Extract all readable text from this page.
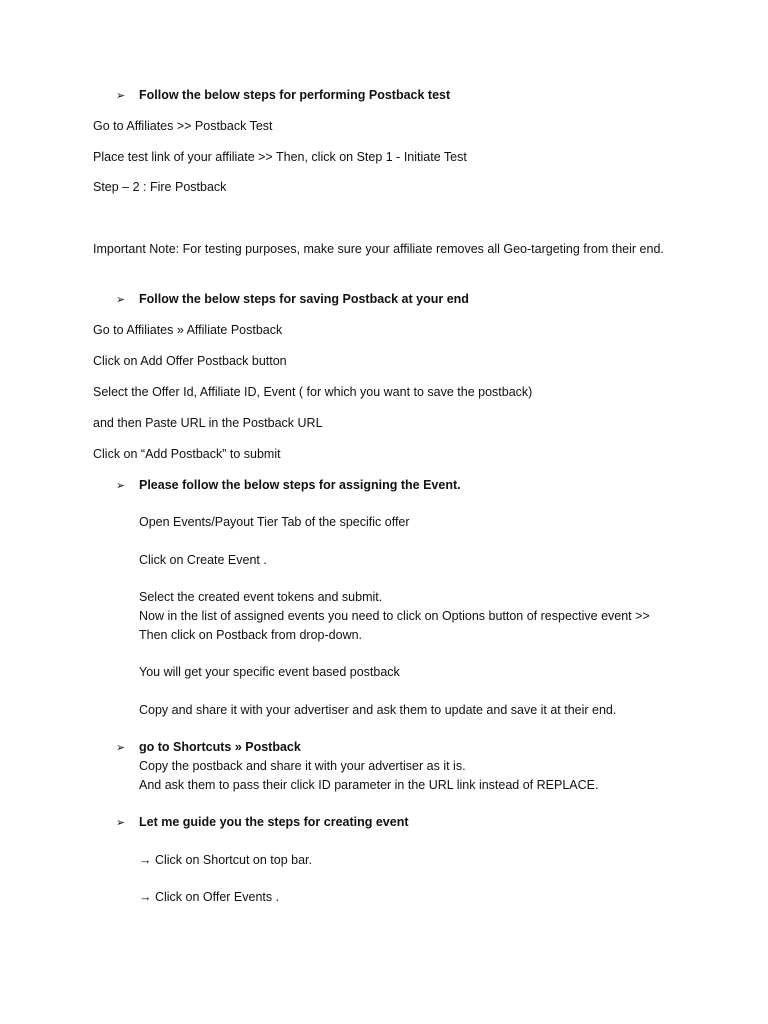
➢ Follow the below steps for performing Postback test
Go to Affiliates >> Postback Test
Place test link of your affiliate >> Then, click on Step 1 - Initiate Test
Step – 2 : Fire Postback
Important Note: For testing purposes, make sure your affiliate removes all Geo-targeting from their end.
➢ Follow the below steps for saving Postback at your end
Go to Affiliates » Affiliate Postback
Click on Add Offer Postback button
Select the Offer Id, Affiliate ID, Event ( for which you want to save the postback)
and then Paste URL in the Postback URL
Click on “Add Postback” to submit
➢ Please follow the below steps for assigning the Event.
Open Events/Payout Tier Tab of the specific offer
Click on Create Event .
Select the created event tokens and submit.
Now in the list of assigned events you need to click on Options button of respective event >>
Then click on Postback from drop-down.
You will get your specific event based postback
Copy and share it with your advertiser and ask them to update and save it at their end.
➢ go to Shortcuts » Postback
Copy the postback and share it with your advertiser as it is.
And ask them to pass their click ID parameter in the URL link instead of REPLACE.
➢ Let me guide you the steps for creating event
→ Click on Shortcut on top bar.
→ Click on Offer Events .
